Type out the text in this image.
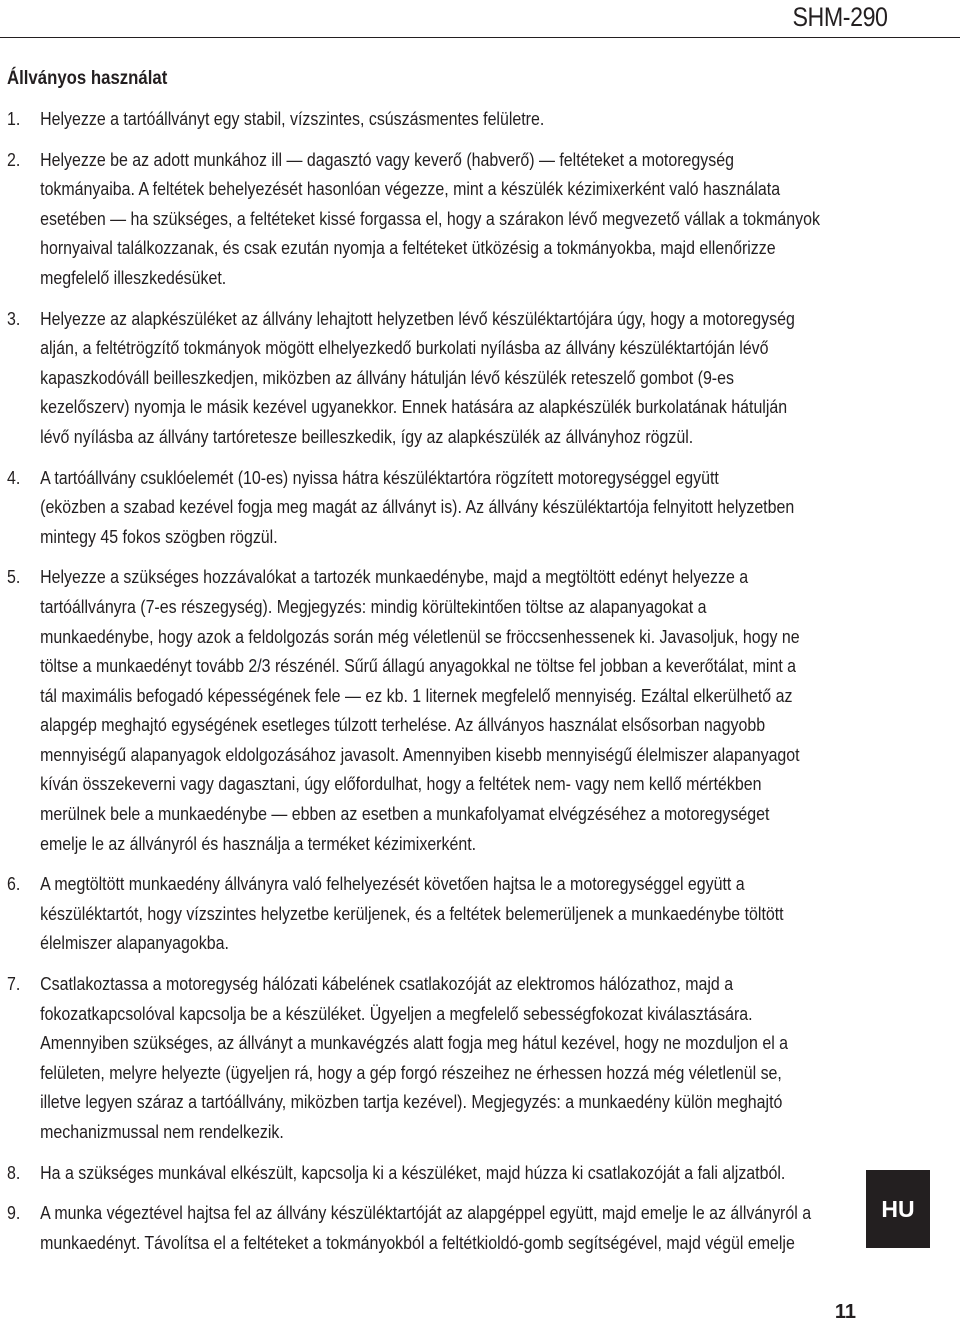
SHM-290
Állványos használat
1.	Helyezze a tartóállványt egy stabil, vízszintes, csúszásmentes felületre.
2.	Helyezze be az adott munkához ill — dagasztó vagy keverő (habverő) — feltéteket a motoregység
tokmányaiba. A feltétek behelyezését hasonlóan végezze, mint a készülék kézimixerként való használata
esetében — ha szükséges, a feltéteket kissé forgassa el, hogy a szárakon lévő megvezető vállak a tokmányok
hornyaival találkozzanak, és csak ezután nyomja a feltéteket ütközésig a tokmányokba, majd ellenőrizze
megfelelő illeszkedésüket.
3.	Helyezze az alapkészüléket az állvány lehajtott helyzetben lévő készüléktartójára úgy, hogy a motoregység
alján, a feltétrögzítő tokmányok mögött elhelyezkedő burkolati nyílásba az állvány készüléktartóján lévő
kapaszkodóváll beilleszkedjen, miközben az állvány hátulján lévő készülék reteszelő gombot (9-es
kezelőszerv) nyomja le másik kezével ugyanekkor. Ennek hatására az alapkészülék burkolatának hátulján
lévő nyílásba az állvány tartóretesze beilleszkedik, így az alapkészülék az állványhoz rögzül.
4.	A tartóállvány csuklóelemét (10-es) nyissa hátra készüléktartóra rögzített motoregységgel együtt
(eközben a szabad kezével fogja meg magát az állványt is). Az állvány készüléktartója felnyitott helyzetben
mintegy 45 fokos szögben rögzül.
5.	Helyezze a szükséges hozzávalókat a tartozék munkaedénybe, majd a megtöltött edényt helyezze a
tartóállványra (7-es részegység). Megjegyzés: mindig körültekintően töltse az alapanyagokat a
munkaedénybe, hogy azok a feldolgozás során még véletlenül se fröccsenhessenek ki. Javasoljuk, hogy ne
töltse a munkaedényt tovább 2/3 részénél. Sűrű állagú anyagokkal ne töltse fel jobban a keverőtálat, mint a
tál maximális befogadó képességének fele — ez kb. 1 liternek megfelelő mennyiség. Ezáltal elkerülhető az
alapgép meghajtó egységének esetleges túlzott terhelése. Az állványos használat elsősorban nagyobb
mennyiségű alapanyagok eldolgozásához javasolt. Amennyiben kisebb mennyiségű élelmiszer alapanyagot
kíván összekeverni vagy dagasztani, úgy előfordulhat, hogy a feltétek nem- vagy nem kellő mértékben
merülnek bele a munkaedénybe — ebben az esetben a munkafolyamat elvégzéséhez a motoregységet
emelje le az állványról és használja a terméket kézimixerként.
6.	A megtöltött munkaedény állványra való felhelyezését követően hajtsa le a motoregységgel együtt a
készüléktartót, hogy vízszintes helyzetbe kerüljenek, és a feltétek belemerüljenek a munkaedénybe töltött
élelmiszer alapanyagokba.
7.	Csatlakoztassa a motoregység hálózati kábelének csatlakozóját az elektromos hálózathoz, majd a
fokozatkapcsolóval kapcsolja be a készüléket. Ügyeljen a megfelelő sebességfokozat kiválasztására.
Amennyiben szükséges, az állványt a munkavégzés alatt fogja meg hátul kezével, hogy ne mozduljon el a
felületen, melyre helyezte (ügyeljen rá, hogy a gép forgó részeihez ne érhessen hozzá még véletlenül se,
illetve legyen száraz a tartóállvány, miközben tartja kezével). Megjegyzés: a munkaedény külön meghajtó
mechanizmussal nem rendelkezik.
8.	Ha a szükséges munkával elkészült, kapcsolja ki a készüléket, majd húzza ki csatlakozóját a fali aljzatból.
9.	A munka végeztével hajtsa fel az állvány készüléktartóját az alapgéppel együtt, majd emelje le az állványról a
munkaedényt. Távolítsa el a feltéteket a tokmányokból a feltétkioldó-gomb segítségével, majd végül emelje
HU
11
